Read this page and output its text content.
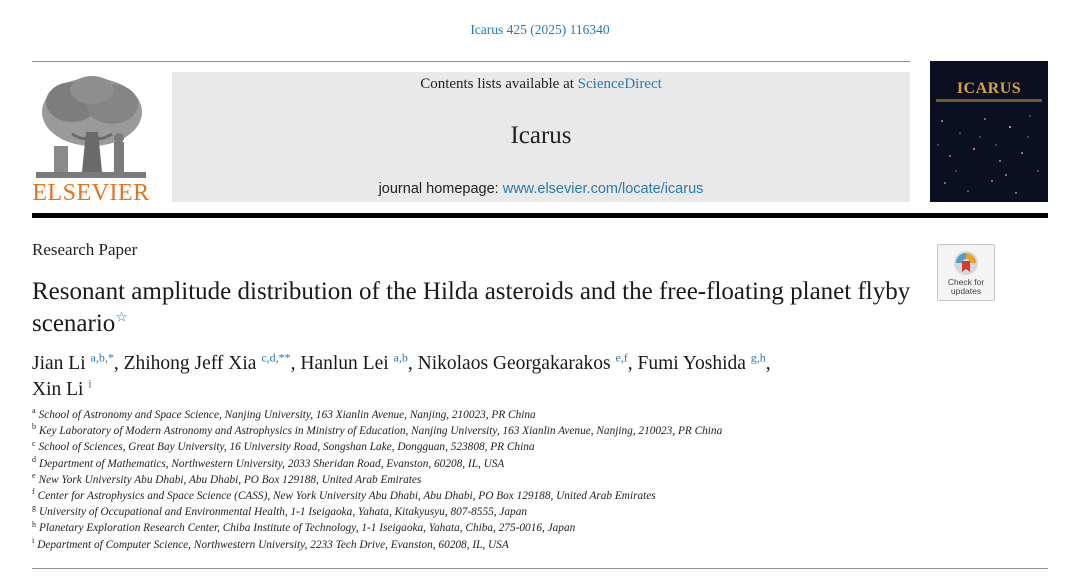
Icarus 425 (2025) 116340
ELSEVIER
Contents lists available at ScienceDirect
Icarus
journal homepage: www.elsevier.com/locate/icarus
ICARUS
Research Paper
Check for
updates
Resonant amplitude distribution of the Hilda asteroids and the free-floating planet flyby scenario☆
Jian Li $^{a,b,*}$, Zhihong Jeff Xia $^{c,d,**}$, Hanlun Lei $^{a,b}$, Nikolaos Georgakarakos $^{e,f}$, Fumi Yoshida $^{g,h}$,
Xin Li $^i$
$^a$ School of Astronomy and Space Science, Nanjing University, 163 Xianlin Avenue, Nanjing, 210023, PR China
$^b$ Key Laboratory of Modern Astronomy and Astrophysics in Ministry of Education, Nanjing University, 163 Xianlin Avenue, Nanjing, 210023, PR China
$^c$ School of Sciences, Great Bay University, 16 University Road, Songshan Lake, Dongguan, 523808, PR China
$^d$ Department of Mathematics, Northwestern University, 2033 Sheridan Road, Evanston, 60208, IL, USA
$^e$ New York University Abu Dhabi, Abu Dhabi, PO Box 129188, United Arab Emirates
$^f$ Center for Astrophysics and Space Science (CASS), New York University Abu Dhabi, Abu Dhabi, PO Box 129188, United Arab Emirates
$^g$ University of Occupational and Environmental Health, 1-1 Iseigaoka, Yahata, Kitakyusyu, 807-8555, Japan
$^h$ Planetary Exploration Research Center, Chiba Institute of Technology, 1-1 Iseigaoka, Yahata, Chiba, 275-0016, Japan
$^i$ Department of Computer Science, Northwestern University, 2233 Tech Drive, Evanston, 60208, IL, USA
